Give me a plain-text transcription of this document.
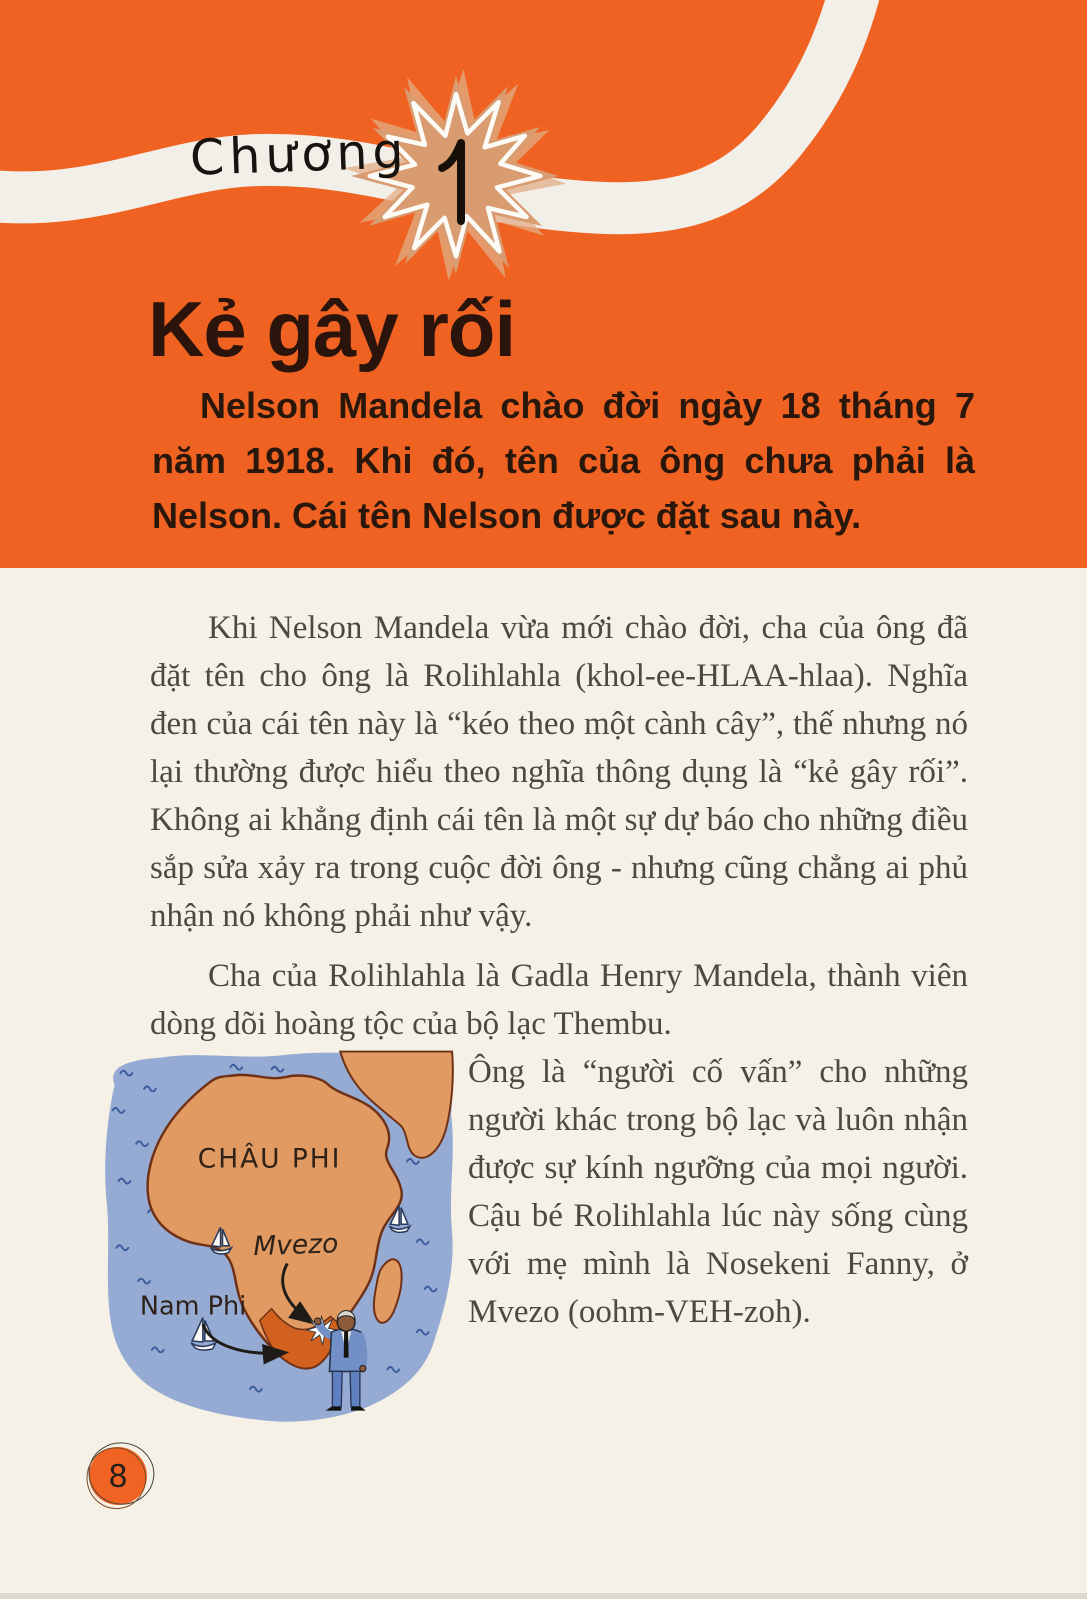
Chương
Kẻ gây rối

Nelson Mandela chào đời ngày 18 tháng 7 năm 1918. Khi đó, tên của ông chưa phải là Nelson. Cái tên Nelson được đặt sau này.

Khi Nelson Mandela vừa mới chào đời, cha của ông đã đặt tên cho ông là Rolihlahla (khol-ee-HLAA-hlaa). Nghĩa đen của cái tên này là “kéo theo một cành cây”, thế nhưng nó lại thường được hiểu theo nghĩa thông dụng là “kẻ gây rối”. Không ai khẳng định cái tên là một sự dự báo cho những điều sắp sửa xảy ra trong cuộc đời ông - nhưng cũng chẳng ai phủ nhận nó không phải như vậy.

Cha của Rolihlahla là Gadla Henry Mandela, thành viên dòng dõi hoàng tộc của bộ lạc Thembu.

CHÂU PHI
Mvezo
Nam Phi

Ông là “người cố vấn” cho những người khác trong bộ lạc và luôn nhận được sự kính ngưỡng của mọi người. Cậu bé Rolihlahla lúc này sống cùng với mẹ mình là Nosekeni Fanny, ở Mvezo (oohm-VEH-zoh).

8
